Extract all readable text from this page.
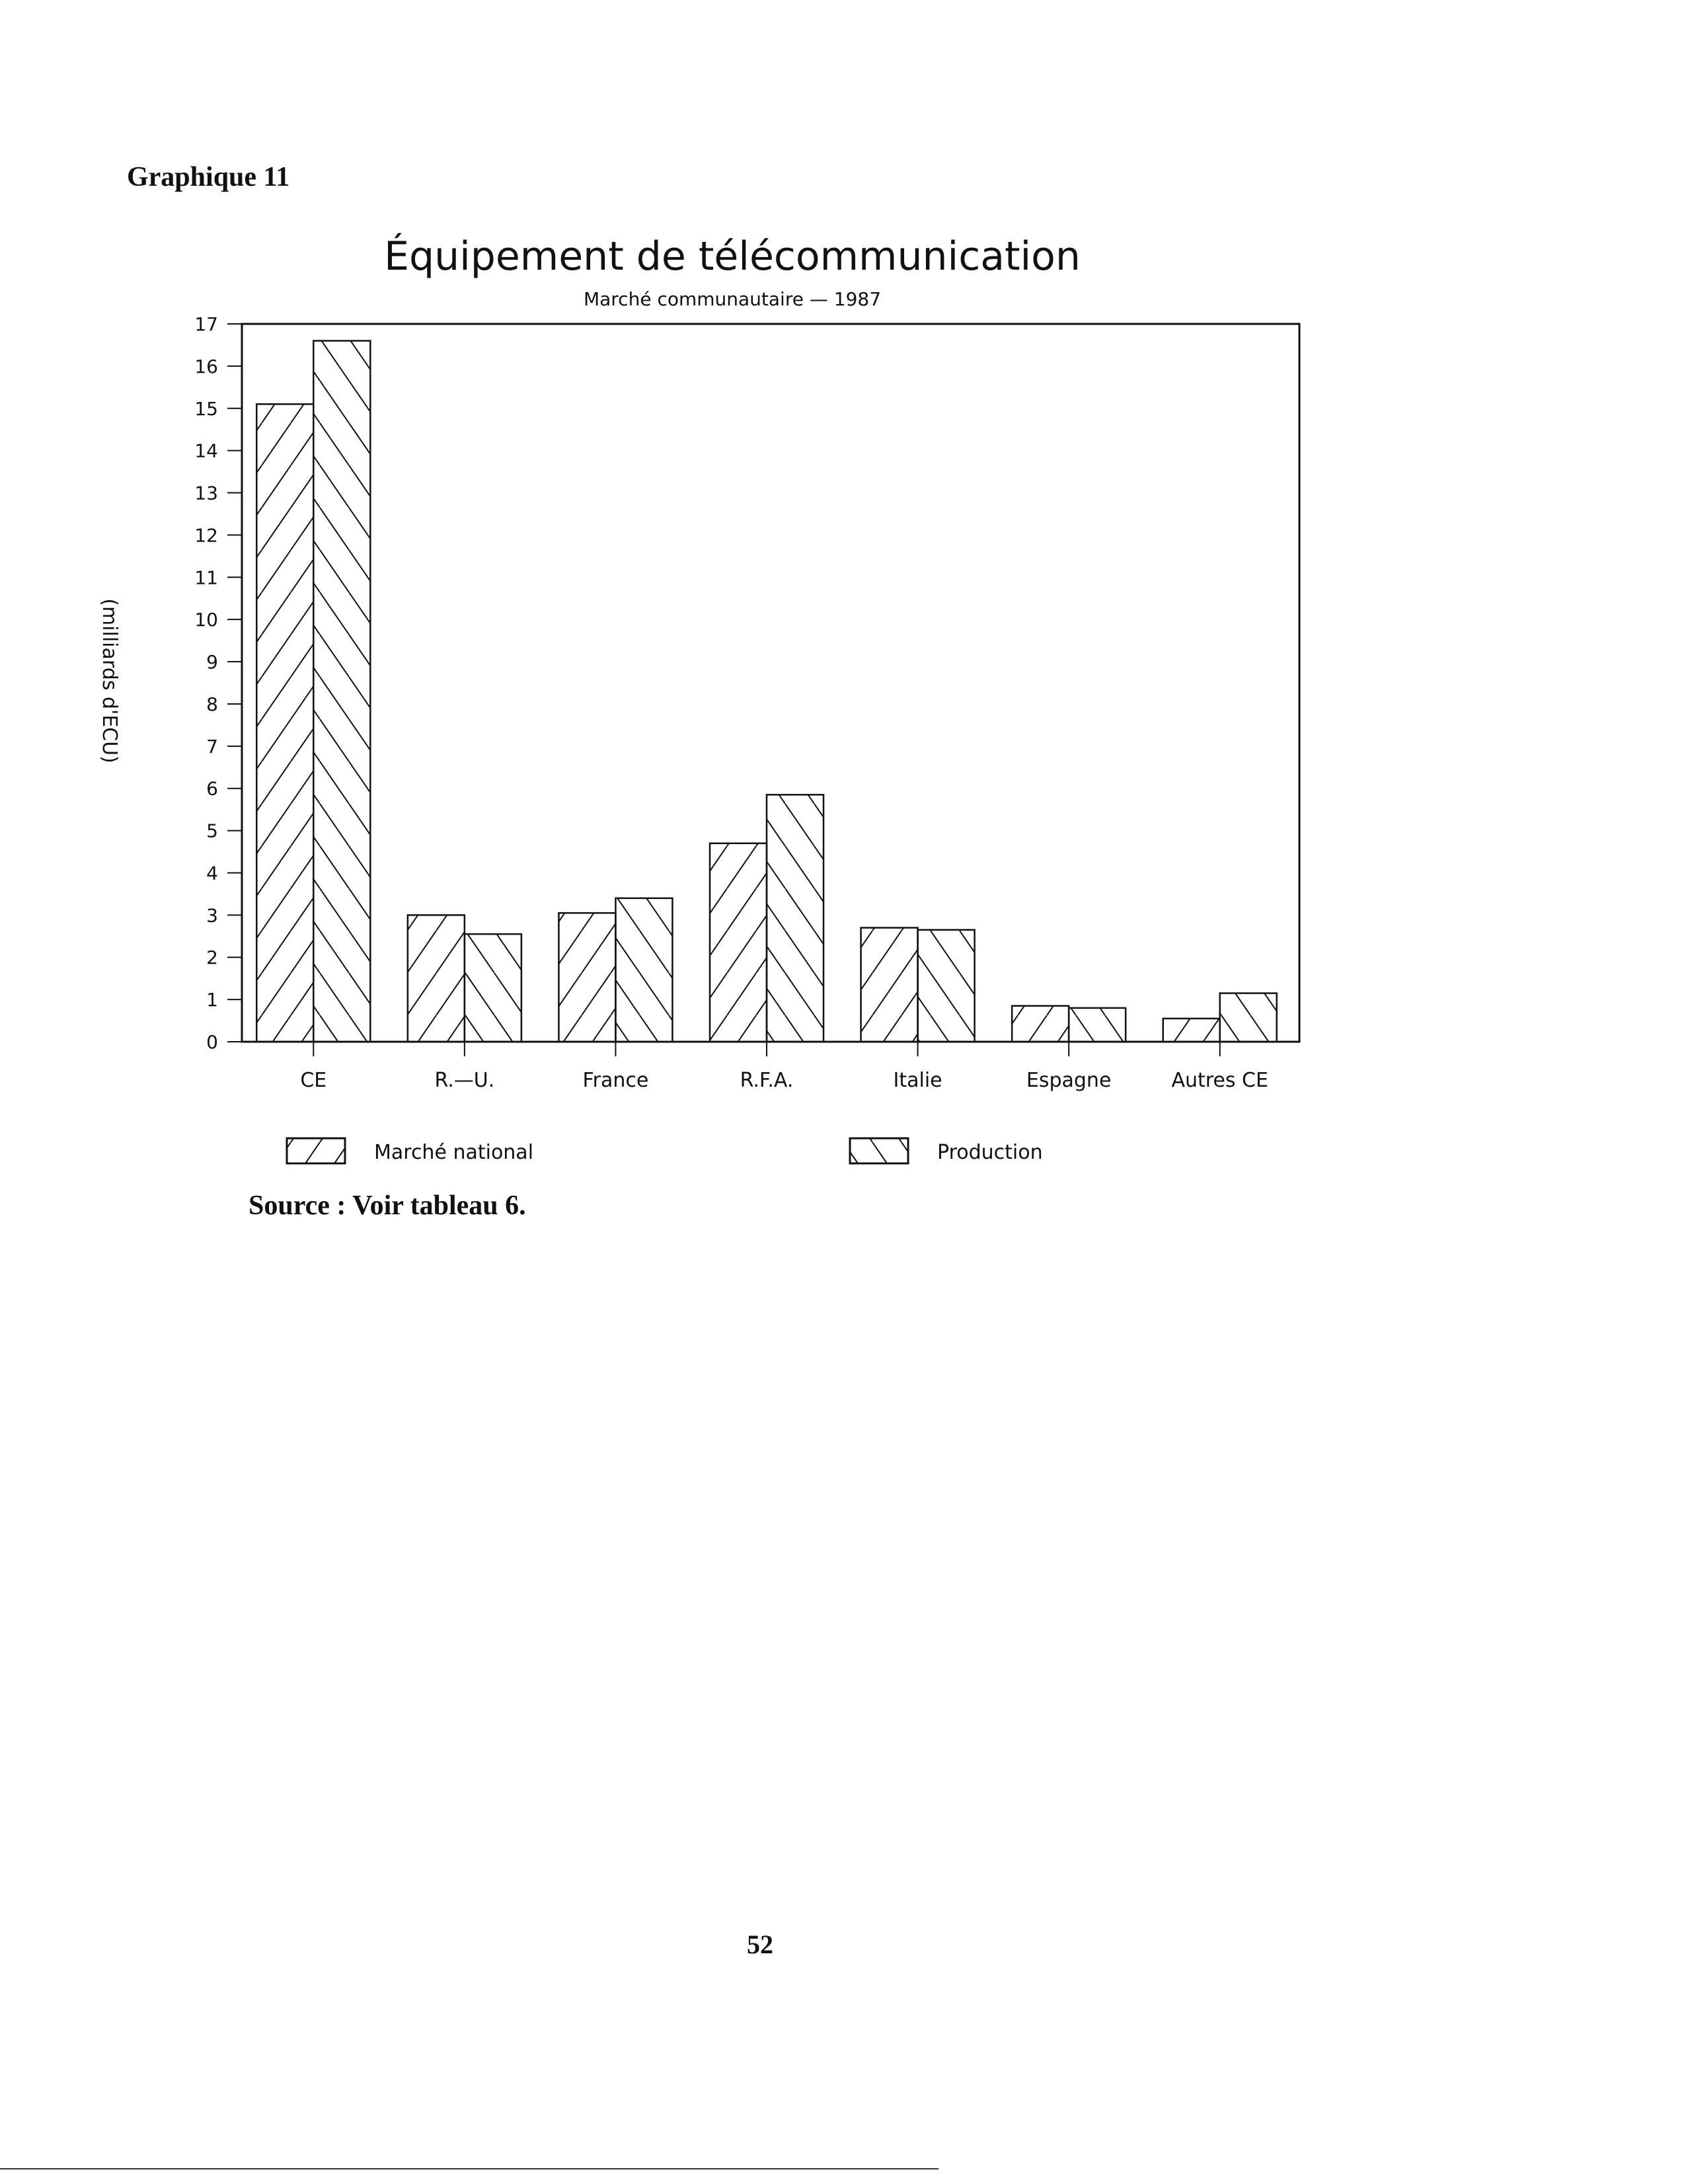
Graphique 11
Équipement de télécommunication
Marché communautaire — 1987
(milliards d'ECU)
0
1
2
3
4
5
6
7
8
9
10
11
12
13
14
15
16
17
CE	R.—U.	France	R.F.A.	Italie	Espagne	Autres CE
Marché national	Production
Source : Voir tableau 6.
52
